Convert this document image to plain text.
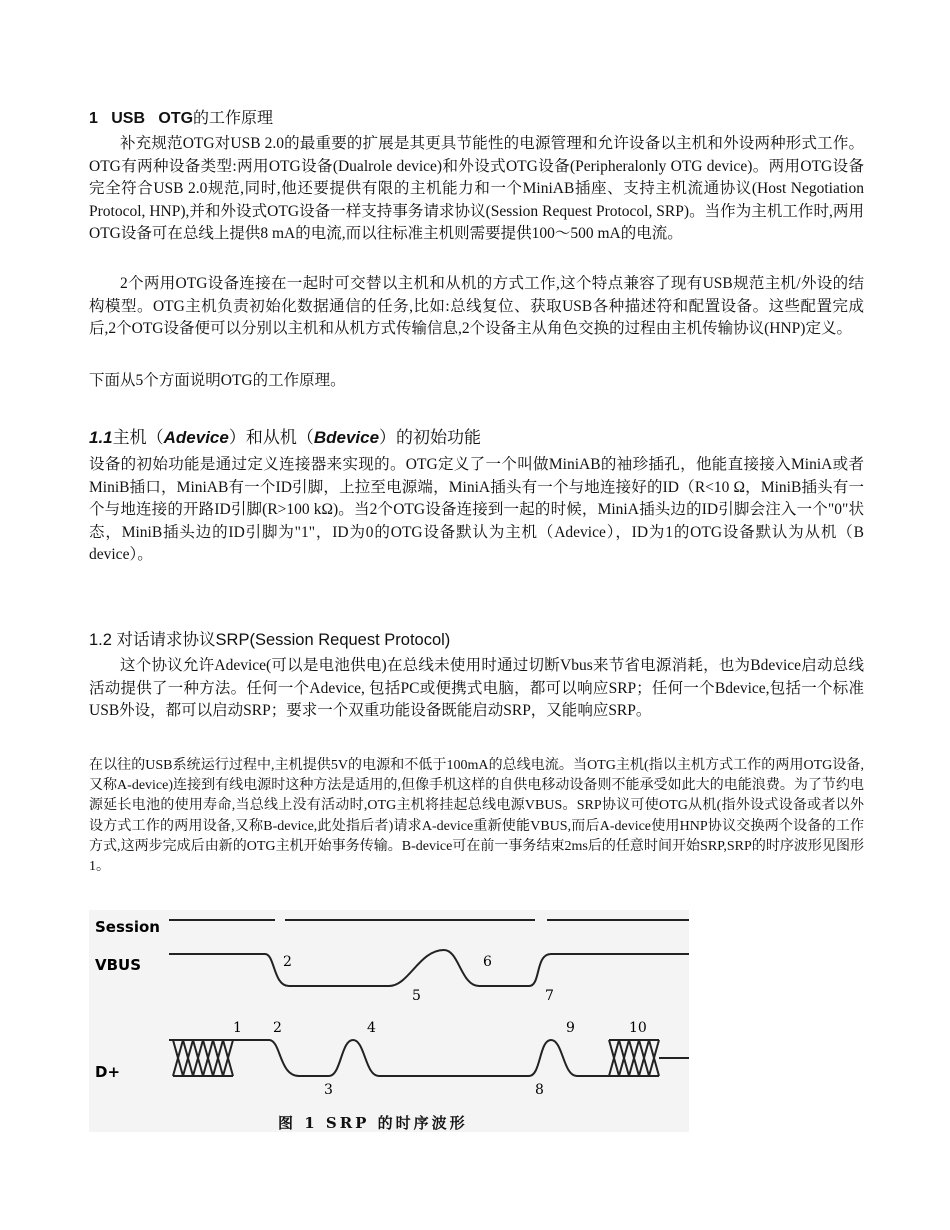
1 USB OTG的工作原理

补充规范OTG对USB 2.0的最重要的扩展是其更具节能性的电源管理和允许设备以主机和外设两种形式工作。OTG有两种设备类型:两用OTG设备(Dualrole device)和外设式OTG设备(Peripheralonly OTG device)。两用OTG设备完全符合USB 2.0规范,同时,他还要提供有限的主机能力和一个MiniAB插座、支持主机流通协议(Host Negotiation Protocol, HNP),并和外设式OTG设备一样支持事务请求协议(Session Request Protocol, SRP)。当作为主机工作时,两用OTG设备可在总线上提供8 mA的电流,而以往标准主机则需要提供100～500 mA的电流。

2个两用OTG设备连接在一起时可交替以主机和从机的方式工作,这个特点兼容了现有USB规范主机/外设的结构模型。OTG主机负责初始化数据通信的任务,比如:总线复位、获取USB各种描述符和配置设备。这些配置完成后,2个OTG设备便可以分别以主机和从机方式传输信息,2个设备主从角色交换的过程由主机传输协议(HNP)定义。

下面从5个方面说明OTG的工作原理。

1.1主机（Adevice）和从机（Bdevice）的初始功能

设备的初始功能是通过定义连接器来实现的。OTG定义了一个叫做MiniAB的袖珍插孔，他能直接接入MiniA或者MiniB插口，MiniAB有一个ID引脚，上拉至电源端，MiniA插头有一个与地连接好的ID（R<10 Ω，MiniB插头有一个与地连接的开路ID引脚(R>100 kΩ)。当2个OTG设备连接到一起的时候，MiniA插头边的ID引脚会注入一个"0"状态，MiniB插头边的ID引脚为"1"，ID为0的OTG设备默认为主机（Adevice），ID为1的OTG设备默认为从机（B device）。

1.2 对话请求协议SRP(Session Request Protocol)

这个协议允许Adevice(可以是电池供电)在总线未使用时通过切断Vbus来节省电源消耗，也为Bdevice启动总线活动提供了一种方法。任何一个Adevice, 包括PC或便携式电脑，都可以响应SRP；任何一个Bdevice,包括一个标准USB外设，都可以启动SRP；要求一个双重功能设备既能启动SRP，又能响应SRP。

在以往的USB系统运行过程中,主机提供5V的电源和不低于100mA的总线电流。当OTG主机(指以主机方式工作的两用OTG设备,又称A-device)连接到有线电源时这种方法是适用的,但像手机这样的自供电移动设备则不能承受如此大的电能浪费。为了节约电源延长电池的使用寿命,当总线上没有活动时,OTG主机将挂起总线电源VBUS。SRP协议可使OTG从机(指外设式设备或者以外设方式工作的两用设备,又称B-device,此处指后者)请求A-device重新使能VBUS,而后A-device使用HNP协议交换两个设备的工作方式,这两步完成后由新的OTG主机开始事务传输。B-device可在前一事务结束2ms后的任意时间开始SRP,SRP的时序波形见图形1。

Session
VBUS
D+
2
5
6
7
1 2
3
4
8
9	10
图 1 SRP 的时序波形
